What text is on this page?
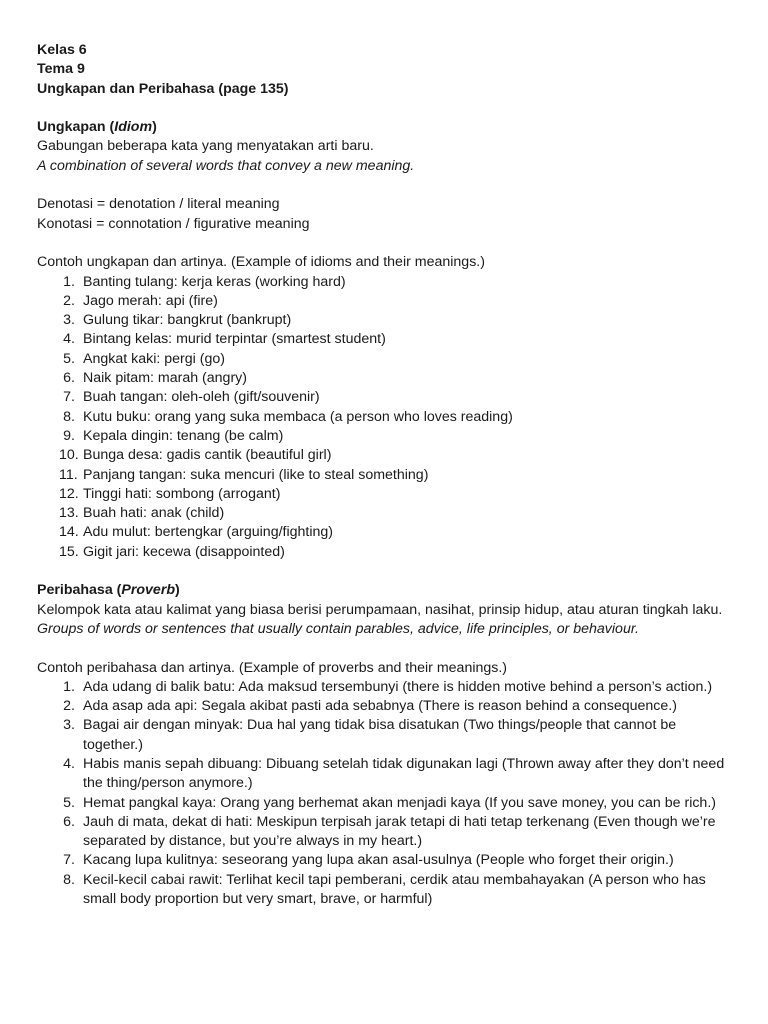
Kelas 6
Tema 9
Ungkapan dan Peribahasa (page 135)
Ungkapan (Idiom)
Gabungan beberapa kata yang menyatakan arti baru.
A combination of several words that convey a new meaning.
Denotasi = denotation / literal meaning
Konotasi = connotation / figurative meaning
Contoh ungkapan dan artinya. (Example of idioms and their meanings.)
1. Banting tulang: kerja keras (working hard)
2. Jago merah: api (fire)
3. Gulung tikar: bangkrut (bankrupt)
4. Bintang kelas: murid terpintar (smartest student)
5. Angkat kaki: pergi (go)
6. Naik pitam: marah (angry)
7. Buah tangan: oleh-oleh (gift/souvenir)
8. Kutu buku: orang yang suka membaca (a person who loves reading)
9. Kepala dingin: tenang (be calm)
10. Bunga desa: gadis cantik (beautiful girl)
11. Panjang tangan: suka mencuri (like to steal something)
12. Tinggi hati: sombong (arrogant)
13. Buah hati: anak (child)
14. Adu mulut: bertengkar (arguing/fighting)
15. Gigit jari: kecewa (disappointed)
Peribahasa (Proverb)
Kelompok kata atau kalimat yang biasa berisi perumpamaan, nasihat, prinsip hidup, atau aturan tingkah laku.
Groups of words or sentences that usually contain parables, advice, life principles, or behaviour.
Contoh peribahasa dan artinya. (Example of proverbs and their meanings.)
1. Ada udang di balik batu: Ada maksud tersembunyi (there is hidden motive behind a person’s action.)
2. Ada asap ada api: Segala akibat pasti ada sebabnya (There is reason behind a consequence.)
3. Bagai air dengan minyak: Dua hal yang tidak bisa disatukan (Two things/people that cannot be together.)
4. Habis manis sepah dibuang: Dibuang setelah tidak digunakan lagi (Thrown away after they don’t need the thing/person anymore.)
5. Hemat pangkal kaya: Orang yang berhemat akan menjadi kaya (If you save money, you can be rich.)
6. Jauh di mata, dekat di hati: Meskipun terpisah jarak tetapi di hati tetap terkenang (Even though we’re separated by distance, but you’re always in my heart.)
7. Kacang lupa kulitnya: seseorang yang lupa akan asal-usulnya (People who forget their origin.)
8. Kecil-kecil cabai rawit: Terlihat kecil tapi pemberani, cerdik atau membahayakan (A person who has small body proportion but very smart, brave, or harmful)
